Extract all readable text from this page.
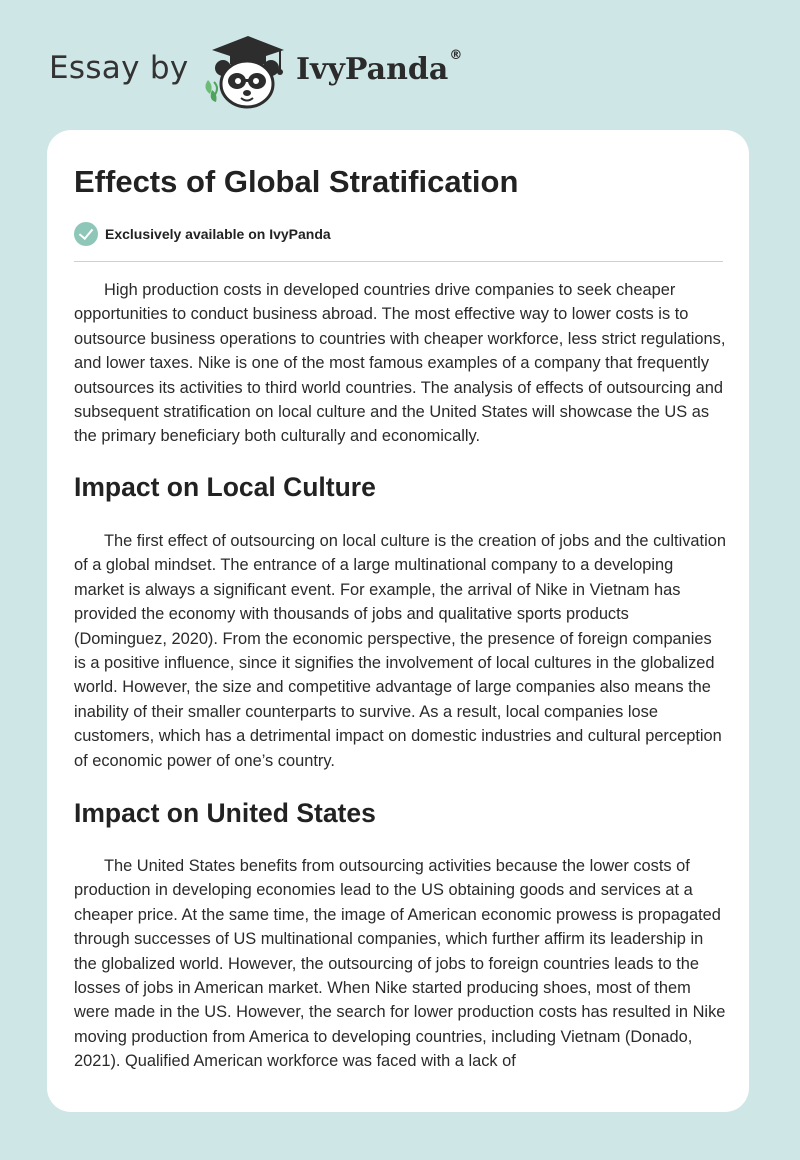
Essay by	IvyPanda®
Effects of Global Stratification
Exclusively available on IvyPanda

High production costs in developed countries drive companies to seek cheaper opportunities to conduct business abroad. The most effective way to lower costs is to outsource business operations to countries with cheaper workforce, less strict regulations, and lower taxes. Nike is one of the most famous examples of a company that frequently outsources its activities to third world countries. The analysis of effects of outsourcing and subsequent stratification on local culture and the United States will showcase the US as the primary beneficiary both culturally and economically.

Impact on Local Culture

The first effect of outsourcing on local culture is the creation of jobs and the cultivation of a global mindset. The entrance of a large multinational company to a developing market is always a significant event. For example, the arrival of Nike in Vietnam has provided the economy with thousands of jobs and qualitative sports products (Dominguez, 2020). From the economic perspective, the presence of foreign companies is a positive influence, since it signifies the involvement of local cultures in the globalized world. However, the size and competitive advantage of large companies also means the inability of their smaller counterparts to survive. As a result, local companies lose customers, which has a detrimental impact on domestic industries and cultural perception of economic power of one’s country.

Impact on United States

The United States benefits from outsourcing activities because the lower costs of production in developing economies lead to the US obtaining goods and services at a cheaper price. At the same time, the image of American economic prowess is propagated through successes of US multinational companies, which further affirm its leadership in the globalized world. However, the outsourcing of jobs to foreign countries leads to the losses of jobs in American market. When Nike started producing shoes, most of them were made in the US. However, the search for lower production costs has resulted in Nike moving production from America to developing countries, including Vietnam (Donado, 2021). Qualified American workforce was faced with a lack of
